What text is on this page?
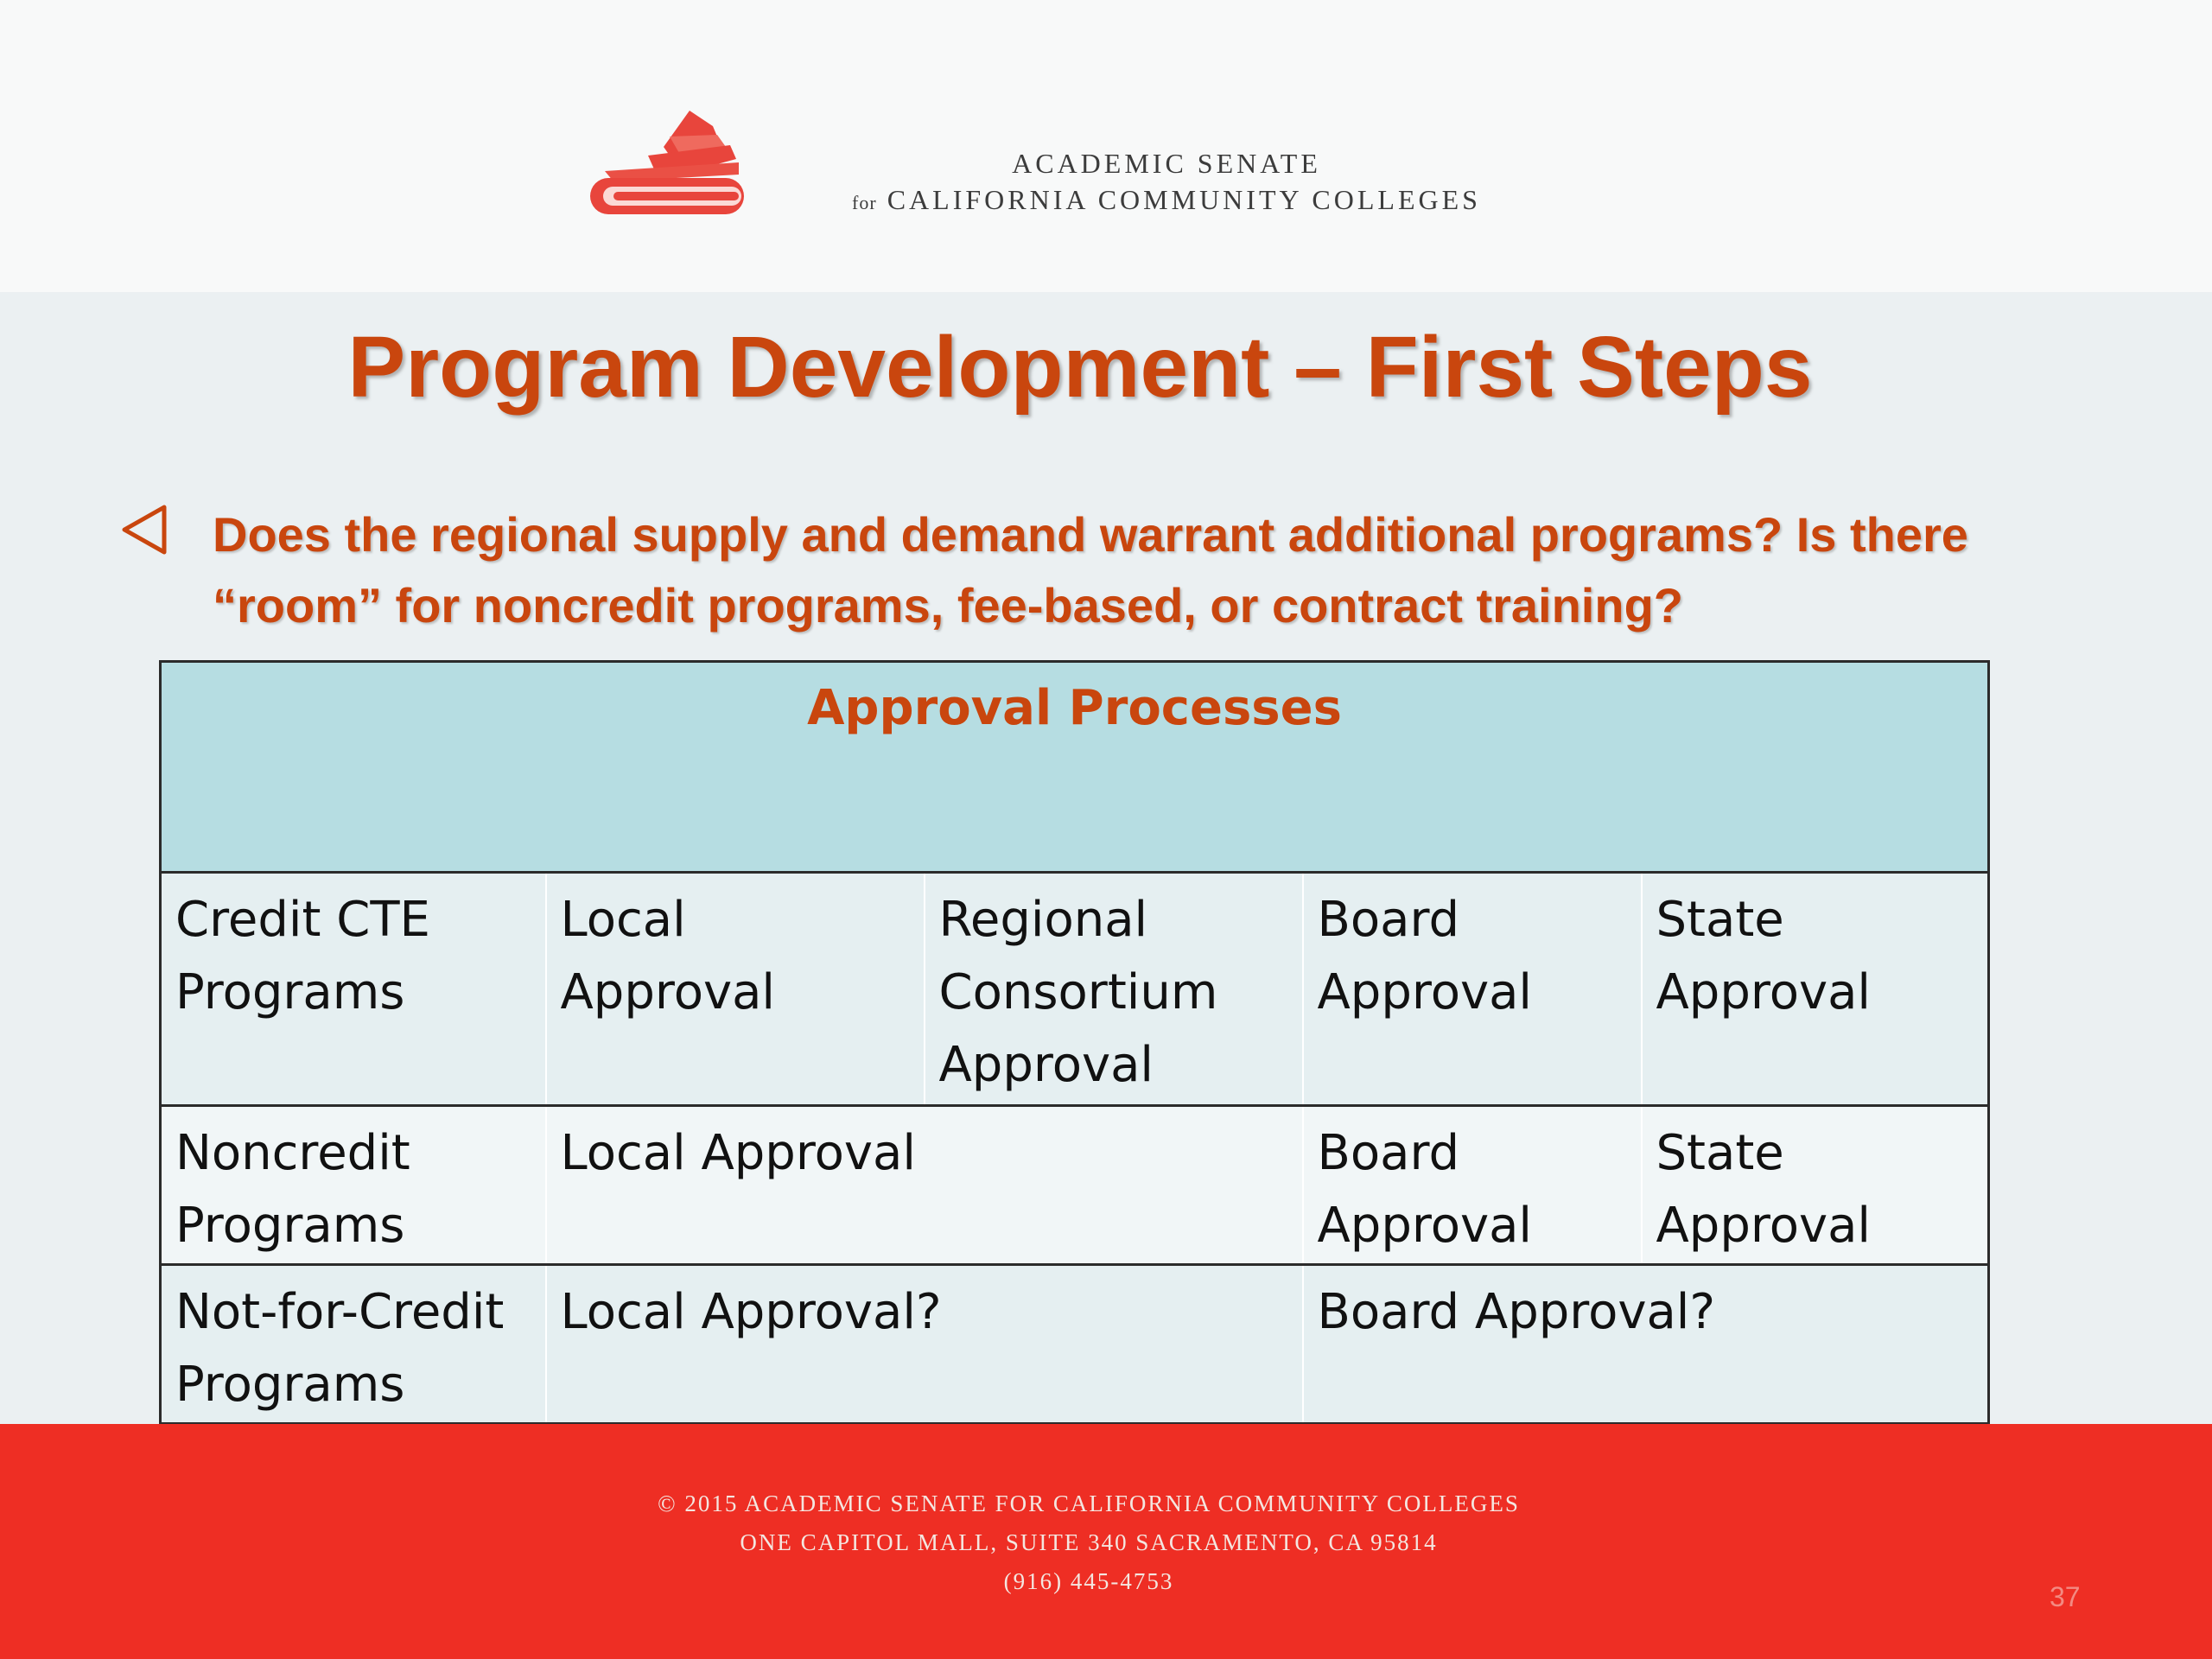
ACADEMIC SENATE
for CALIFORNIA COMMUNITY COLLEGES
Program Development – First Steps
Does the regional supply and demand warrant additional programs? Is there “room” for noncredit programs, fee-based, or contract training?
Approval Processes				
Credit CTE Programs	Local Approval	Regional Consortium Approval	Board Approval	State Approval
Noncredit Programs	Local Approval		Board Approval	State Approval
Not-for-Credit Programs	Local Approval?		Board Approval?	
© 2015 ACADEMIC SENATE FOR CALIFORNIA COMMUNITY COLLEGES
ONE CAPITOL MALL, SUITE 340 SACRAMENTO, CA 95814
(916) 445-4753	37
